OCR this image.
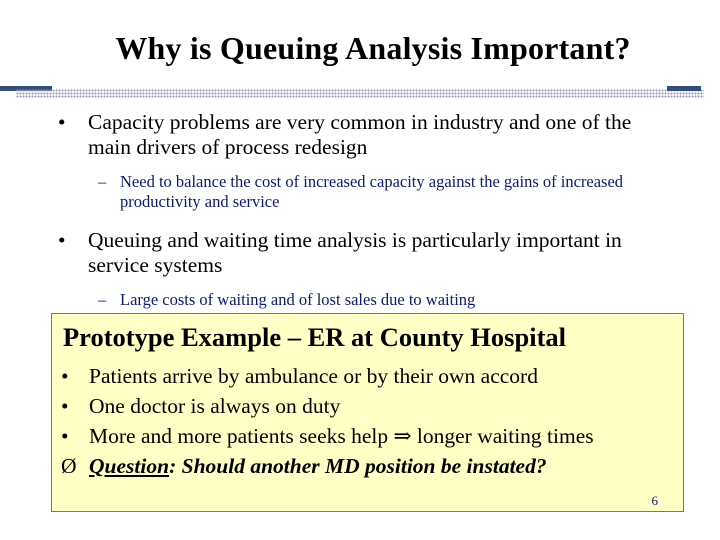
Why is Queuing Analysis Important?
• Capacity problems are very common in industry and one of the main drivers of process redesign
– Need to balance the cost of increased capacity against the gains of increased productivity and service
• Queuing and waiting time analysis is particularly important in service systems
– Large costs of waiting and of lost sales due to waiting
Prototype Example – ER at County Hospital
• Patients arrive by ambulance or by their own accord
• One doctor is always on duty
• More and more patients seeks help ⇒ longer waiting times
Ø Question: Should another MD position be instated?
6
